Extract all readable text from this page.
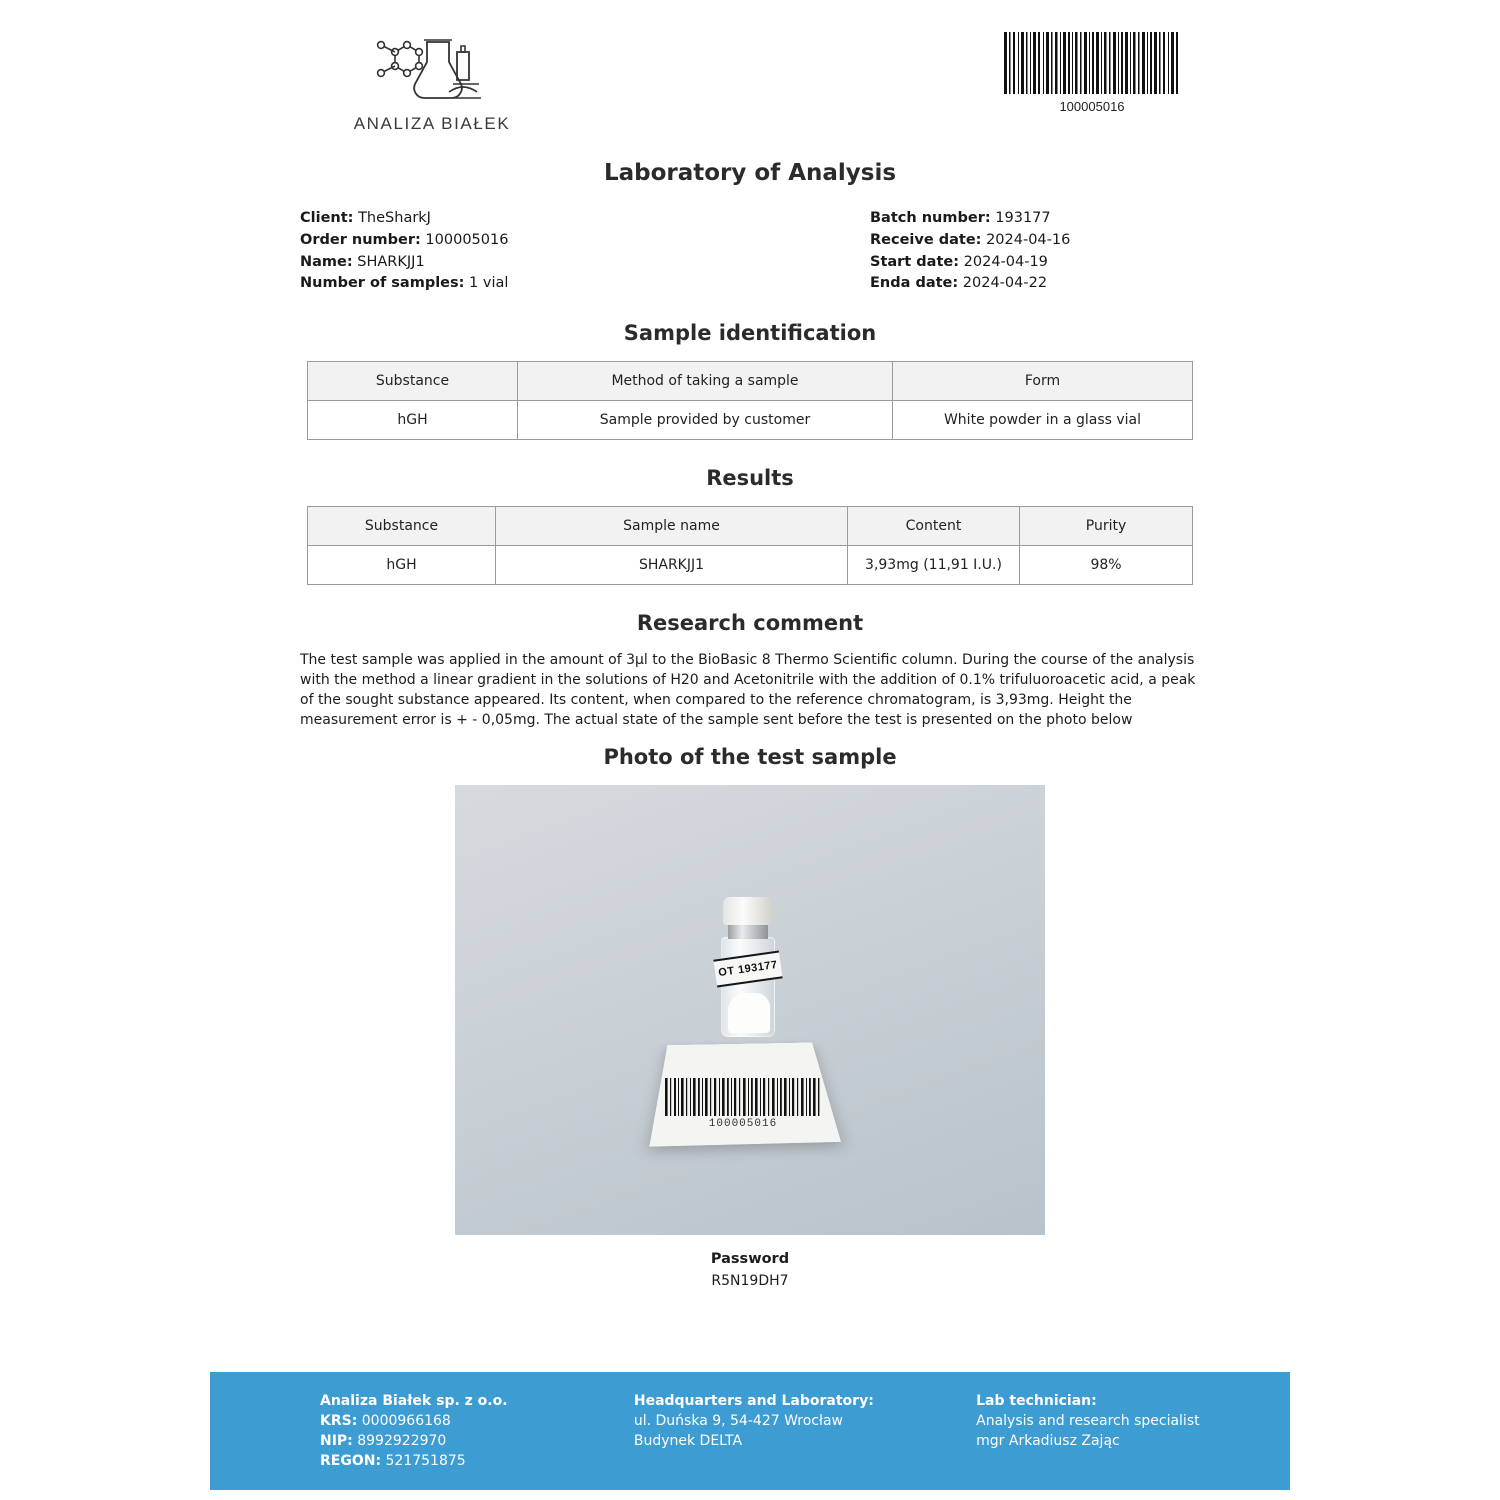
ANALIZA BIAŁEK
100005016
Laboratory of Analysis
Client: TheSharkJ
Order number: 100005016
Name: SHARKJJ1
Number of samples: 1 vial
Batch number: 193177
Receive date: 2024-04-16
Start date: 2024-04-19
Enda date: 2024-04-22
Sample identification
Substance	Method of taking a sample	Form
hGH	Sample provided by customer	White powder in a glass vial
Results
Substance	Sample name	Content	Purity
hGH	SHARKJJ1	3,93mg (11,91 I.U.)	98%
Research comment
The test sample was applied in the amount of 3µl to the BioBasic 8 Thermo Scientific column. During the course of the analysis with the method a linear gradient in the solutions of H20 and Acetonitrile with the addition of 0.1% trifuluoroacetic acid, a peak of the sought substance appeared. Its content, when compared to the reference chromatogram, is 3,93mg. Height the measurement error is + - 0,05mg. The actual state of the sample sent before the test is presented on the photo below
Photo of the test sample
100005016
OT 193177
Password
R5N19DH7
Analiza Białek sp. z o.o.
KRS: 0000966168
NIP: 8992922970
REGON: 521751875
Headquarters and Laboratory:
ul. Duńska 9, 54-427 Wrocław
Budynek DELTA
Lab technician:
Analysis and research specialist
mgr Arkadiusz Zając
